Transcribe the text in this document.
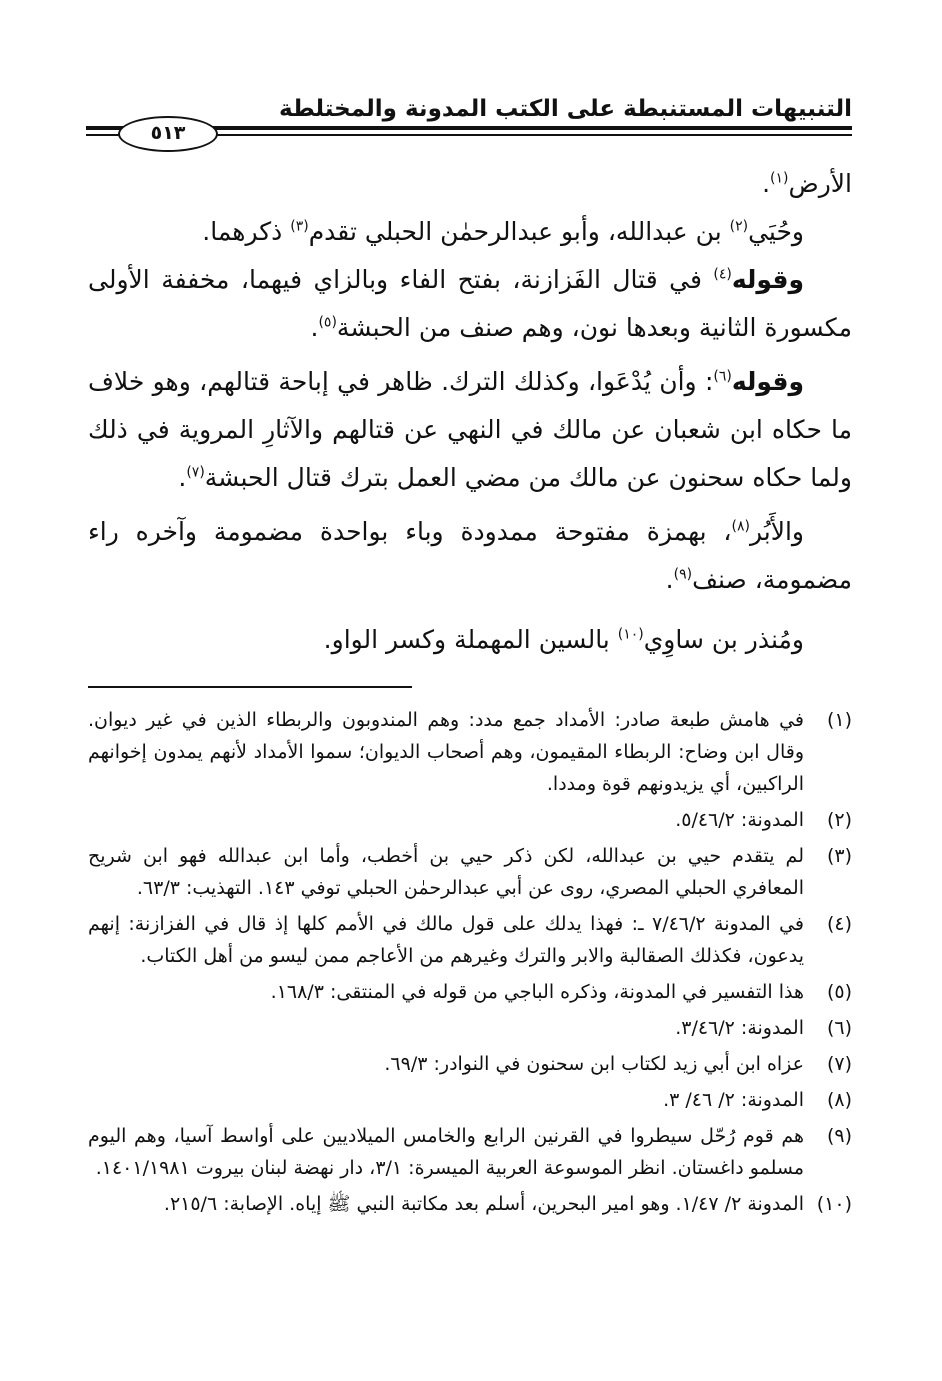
التنبيهات المستنبطة على الكتب المدونة والمختلطة
٥١٣

الأرض$^{(١)}$.

وحُيَي$^{(٢)}$ بن عبدالله، وأبو عبدالرحمٰن الحبلي تقدم$^{(٣)}$ ذكرهما.

وقوله$^{(٤)}$ في قتال الفَزازنة، بفتح الفاء وبالزاي فيهما، مخففة الأولى مكسورة الثانية وبعدها نون، وهم صنف من الحبشة$^{(٥)}$.

وقوله$^{(٦)}$: وأن يُدْعَوا، وكذلك الترك. ظاهر في إباحة قتالهم، وهو خلاف ما حكاه ابن شعبان عن مالك في النهي عن قتالهم والآثارِ المروية في ذلك ولما حكاه سحنون عن مالك من مضي العمل بترك قتال الحبشة$^{(٧)}$.

والأَبُر$^{(٨)}$، بهمزة مفتوحة ممدودة وباء بواحدة مضمومة وآخره راء مضمومة، صنف$^{(٩)}$.

ومُنذر بن ساوِي$^{(١٠)}$ بالسين المهملة وكسر الواو.

(١)
في هامش طبعة صادر: الأمداد جمع مدد: وهم المندوبون والربطاء الذين في غير ديوان. وقال ابن وضاح: الربطاء المقيمون، وهم أصحاب الديوان؛ سموا الأمداد لأنهم يمدون إخوانهم الراكبين، أي يزيدونهم قوة ومددا.
(٢)
المدونة: ٥/٤٦/٢.
(٣)
لم يتقدم حيي بن عبدالله، لكن ذكر حيي بن أخطب، وأما ابن عبدالله فهو ابن شريح المعافري الحبلي المصري، روى عن أبي عبدالرحمٰن الحبلي توفي ١٤٣. التهذيب: ٦٣/٣.
(٤)
في المدونة ٧/٤٦/٢ ـ: فهذا يدلك على قول مالك في الأمم كلها إذ قال في الفزازنة: إنهم يدعون، فكذلك الصقالبة والابر والترك وغيرهم من الأعاجم ممن ليسو من أهل الكتاب.
(٥)
هذا التفسير في المدونة، وذكره الباجي من قوله في المنتقى: ١٦٨/٣.
(٦)
المدونة: ٣/٤٦/٢.
(٧)
عزاه ابن أبي زيد لكتاب ابن سحنون في النوادر: ٦٩/٣.
(٨)
المدونة: ٢/ ٤٦/ ٣.
(٩)
هم قوم رُحّل سيطروا في القرنين الرابع والخامس الميلاديين على أواسط آسيا، وهم اليوم مسلمو داغستان. انظر الموسوعة العربية الميسرة: ٣/١، دار نهضة لبنان بيروت ١٤٠١/١٩٨١.
(١٠)
المدونة ٢/ ١/٤٧. وهو امير البحرين، أسلم بعد مكاتبة النبي ﷺ إياه. الإصابة: ٢١٥/٦.
